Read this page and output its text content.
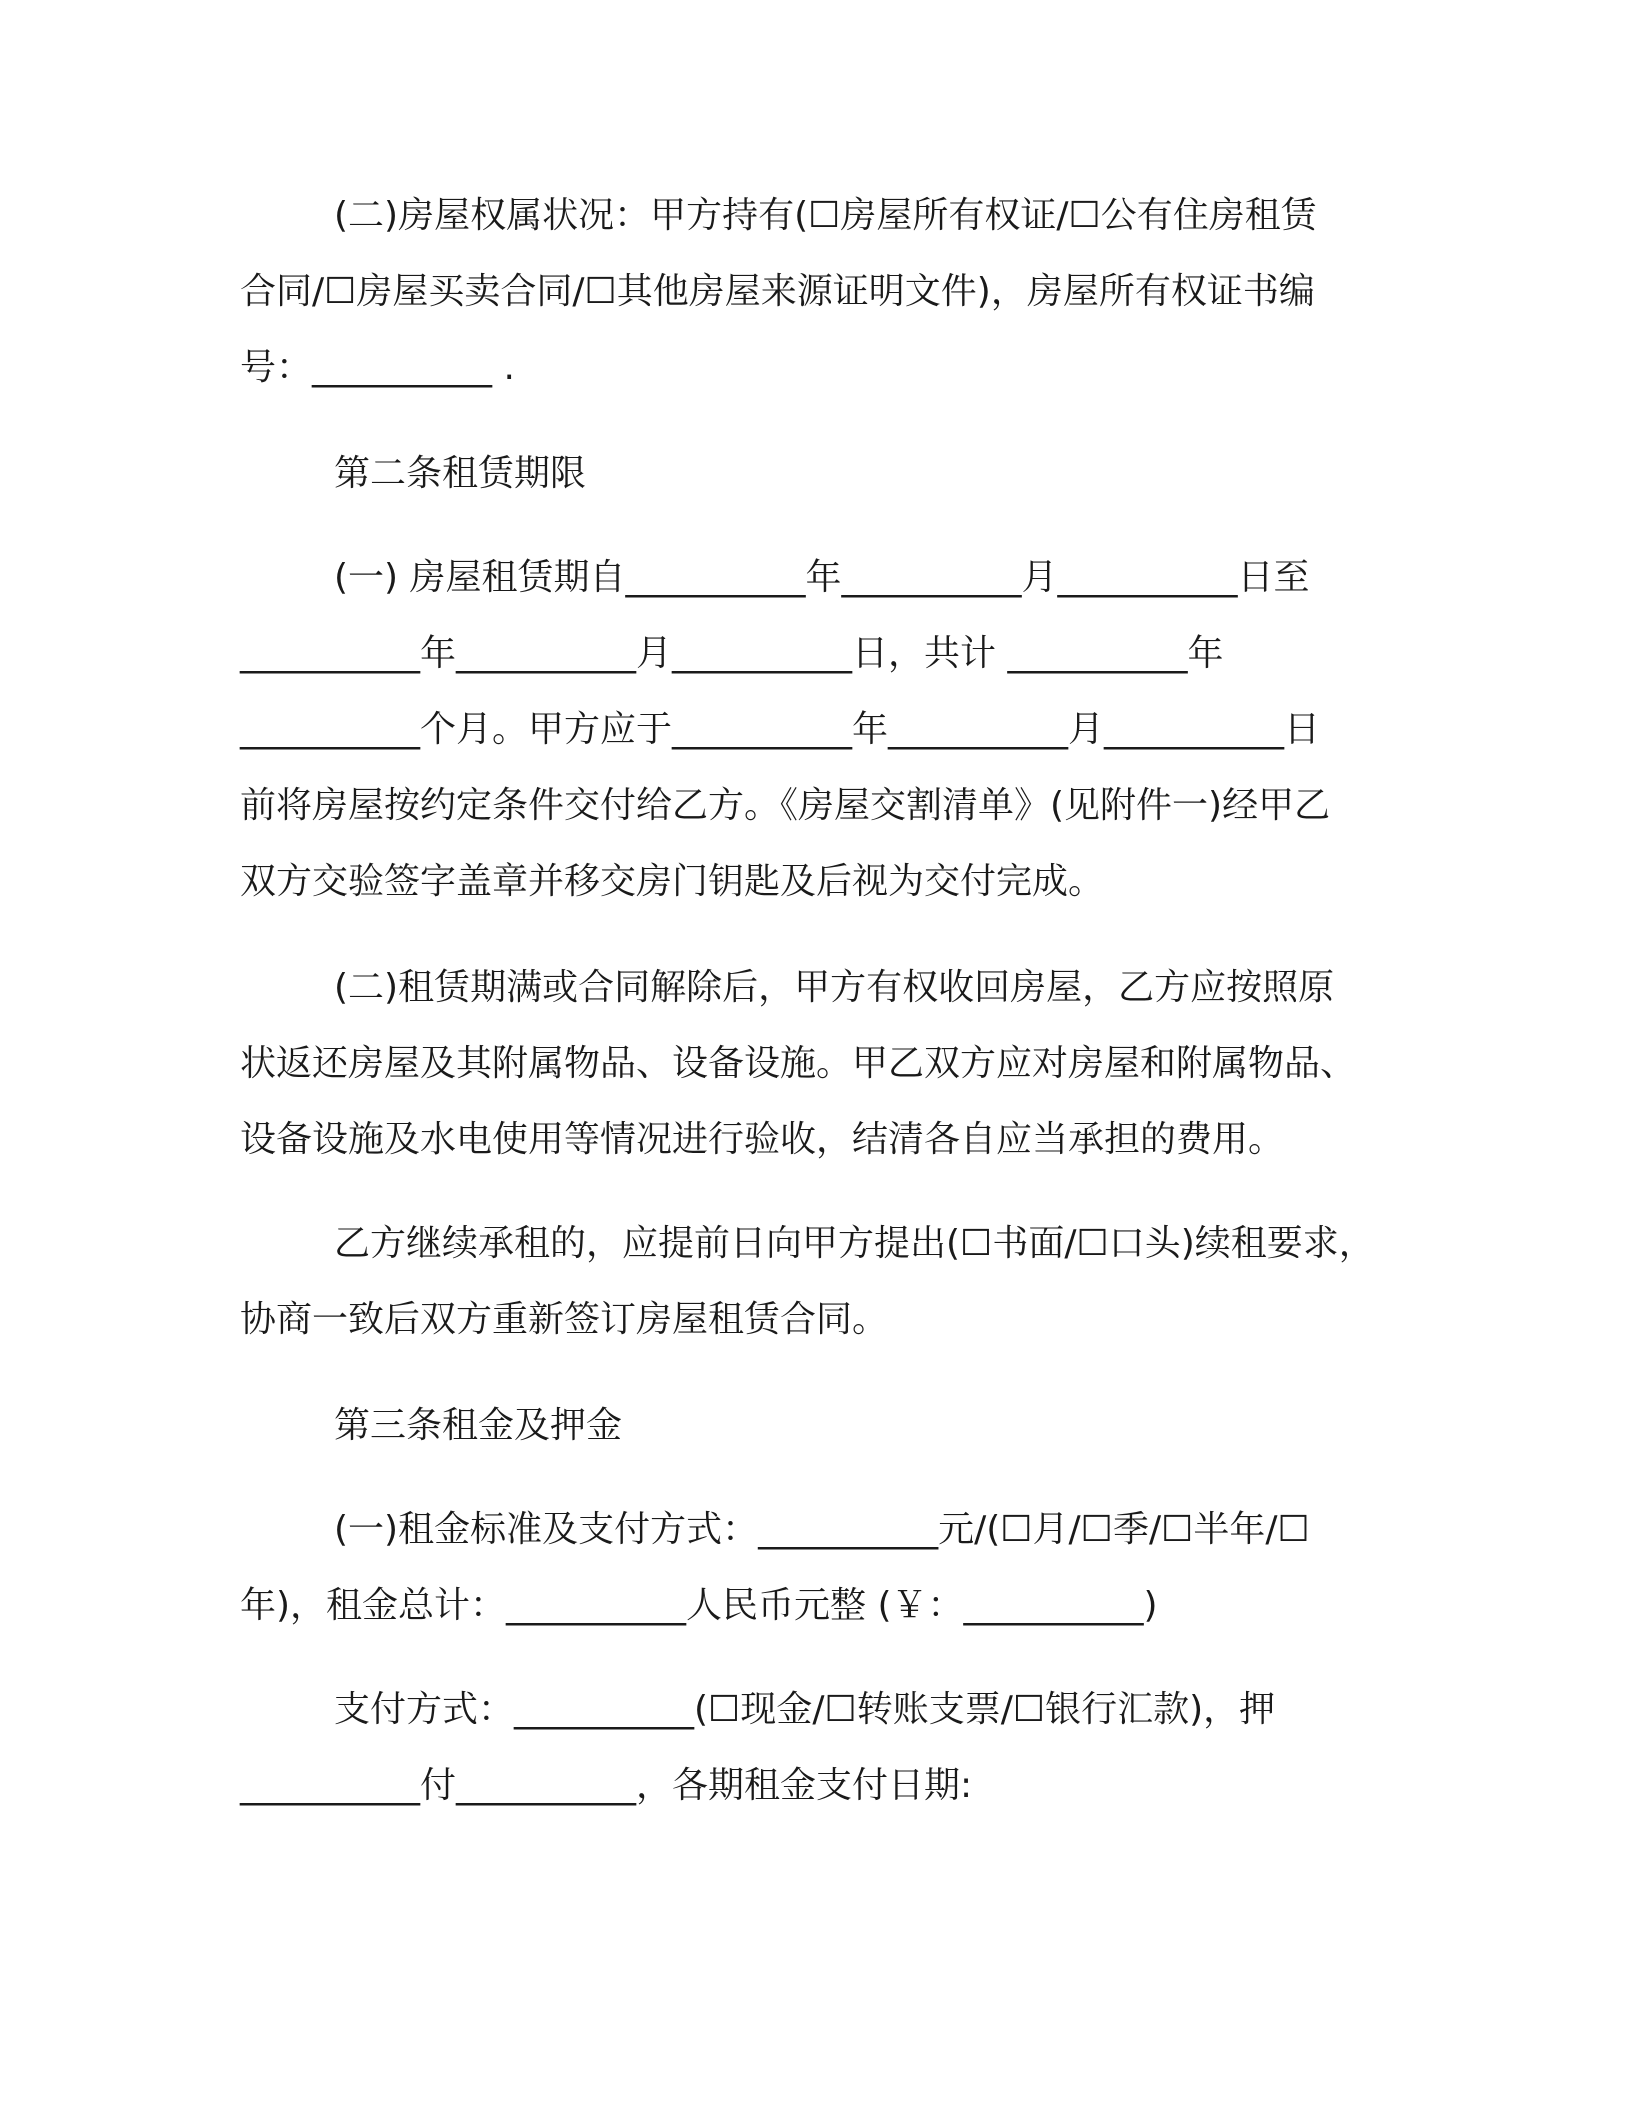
(二)房屋权属状况：甲方持有(☐房屋所有权证/☐公有住房租赁

合同/☐房屋买卖合同/☐其他房屋来源证明文件)，房屋所有权证书编

号：__________ .

第二条租赁期限

(一) 房屋租赁期自__________年__________月__________日至

__________年__________月__________日，共计 __________年

__________个月。甲方应于__________年__________月__________日

前将房屋按约定条件交付给乙方。《房屋交割清单》(见附件一)经甲乙

双方交验签字盖章并移交房门钥匙及后视为交付完成。

(二)租赁期满或合同解除后，甲方有权收回房屋，乙方应按照原

状返还房屋及其附属物品、设备设施。甲乙双方应对房屋和附属物品、

设备设施及水电使用等情况进行验收，结清各自应当承担的费用。

乙方继续承租的，应提前日向甲方提出(☐书面/☐口头)续租要求，

协商一致后双方重新签订房屋租赁合同。

第三条租金及押金

(一)租金标准及支付方式：__________元/(☐月/☐季/☐半年/☐

年)，租金总计：__________人民币元整 (￥：__________)

支付方式：__________(☐现金/☐转账支票/☐银行汇款)，押

__________付__________，各期租金支付日期:
